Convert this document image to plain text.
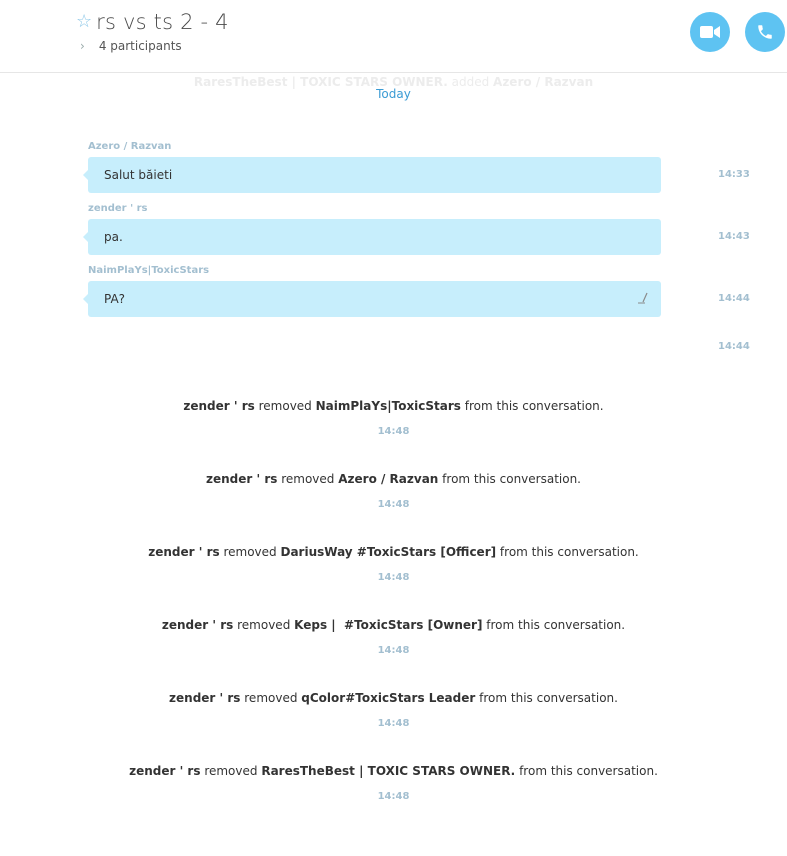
☆ rs vs ts 2 - 4
› 4 participants
RaresTheBest | TOXIC STARS OWNER. added Azero / Razvan
Today
Azero / Razvan
Salut băieti	14:33
zender ' rs
pa.	14:43
NaimPlaYs|ToxicStars
PA?	14:44
14:44
zender ' rs removed NaimPlaYs|ToxicStars from this conversation.
14:48
zender ' rs removed Azero / Razvan from this conversation.
14:48
zender ' rs removed DariusWay #ToxicStars [Officer] from this conversation.
14:48
zender ' rs removed Keps |  #ToxicStars [Owner] from this conversation.
14:48
zender ' rs removed qColor#ToxicStars Leader from this conversation.
14:48
zender ' rs removed RaresTheBest | TOXIC STARS OWNER. from this conversation.
14:48
